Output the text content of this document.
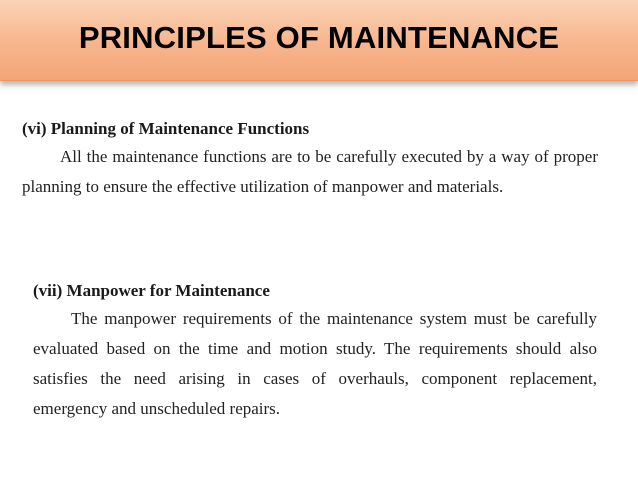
PRINCIPLES OF MAINTENANCE

(vi) Planning of Maintenance Functions

All the maintenance functions are to be carefully executed by a way of proper planning to ensure the effective utilization of manpower and materials.

(vii) Manpower for Maintenance

The manpower requirements of the maintenance system must be carefully evaluated based on the time and motion study. The requirements should also satisfies the need arising in cases of overhauls, component replacement, emergency and unscheduled repairs.
